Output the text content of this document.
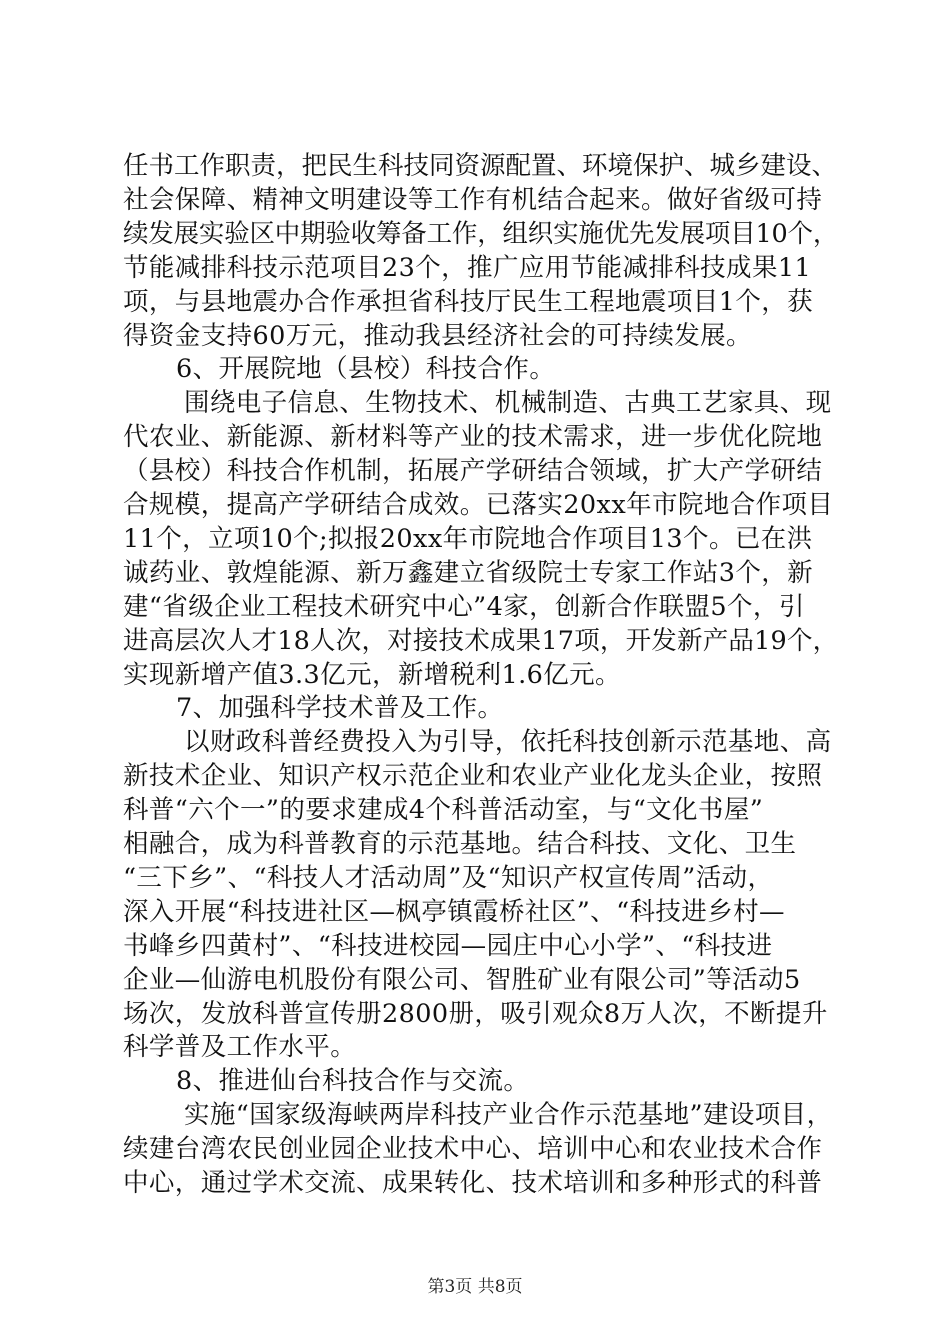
任书工作职责，把民生科技同资源配置、环境保护、城乡建设、
社会保障、精神文明建设等工作有机结合起来。做好省级可持
续发展实验区中期验收筹备工作，组织实施优先发展项目10个，
节能减排科技示范项目23个，推广应用节能减排科技成果11
项，与县地震办合作承担省科技厅民生工程地震项目1个，获
得资金支持60万元，推动我县经济社会的可持续发展。
6、开展院地（县校）科技合作。
围绕电子信息、生物技术、机械制造、古典工艺家具、现
代农业、新能源、新材料等产业的技术需求，进一步优化院地
（县校）科技合作机制，拓展产学研结合领域，扩大产学研结
合规模，提高产学研结合成效。已落实20xx年市院地合作项目
11个，立项10个;拟报20xx年市院地合作项目13个。已在洪
诚药业、敦煌能源、新万鑫建立省级院士专家工作站3个，新
建“省级企业工程技术研究中心”4家，创新合作联盟5个，引
进高层次人才18人次，对接技术成果17项，开发新产品19个，
实现新增产值3.3亿元，新增税利1.6亿元。
7、加强科学技术普及工作。
以财政科普经费投入为引导，依托科技创新示范基地、高
新技术企业、知识产权示范企业和农业产业化龙头企业，按照
科普“六个一”的要求建成4个科普活动室，与“文化书屋”
相融合，成为科普教育的示范基地。结合科技、文化、卫生
“三下乡”、“科技人才活动周”及“知识产权宣传周”活动，
深入开展“科技进社区—枫亭镇霞桥社区”、“科技进乡村—
书峰乡四黄村”、“科技进校园—园庄中心小学”、“科技进
企业—仙游电机股份有限公司、智胜矿业有限公司”等活动5
场次，发放科普宣传册2800册，吸引观众8万人次，不断提升
科学普及工作水平。
8、推进仙台科技合作与交流。
实施“国家级海峡两岸科技产业合作示范基地”建设项目，
续建台湾农民创业园企业技术中心、培训中心和农业技术合作
中心，通过学术交流、成果转化、技术培训和多种形式的科普
第3页 共8页
